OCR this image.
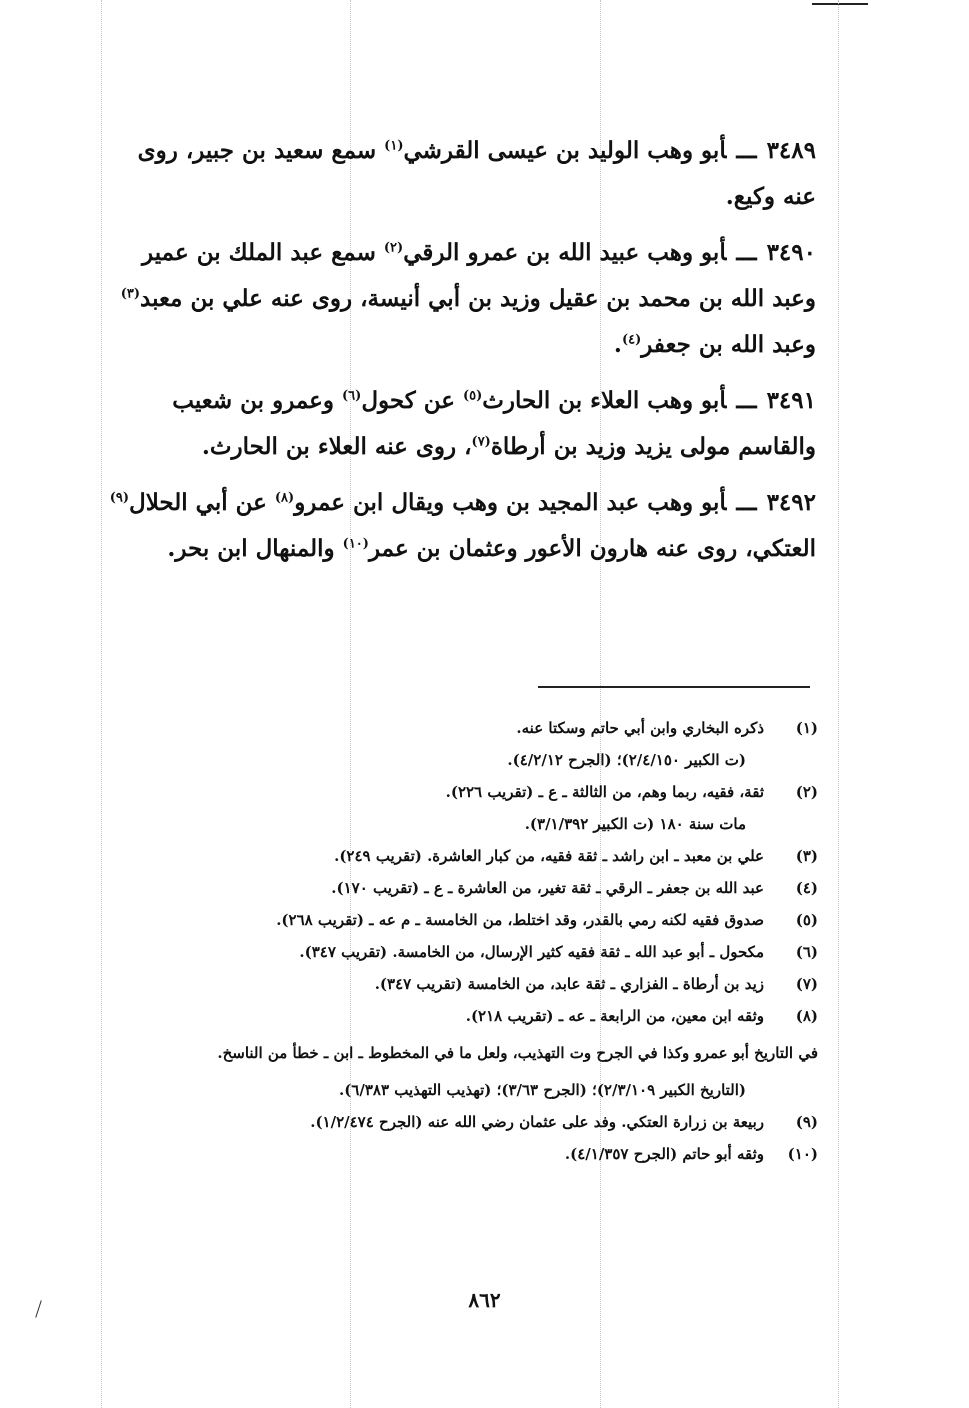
٣٤٨٩ـــأبو وهب الوليد بن عيسى القرشي$^{(١)}$ سمع سعيد بن جبير، روى عنه وكيع.

٣٤٩٠ـــأبو وهب عبيد الله بن عمرو الرقي$^{(٢)}$ سمع عبد الملك بن عمير وعبد الله بن محمد بن عقيل وزيد بن أبي أنيسة، روى عنه علي بن معبد$^{(٣)}$ وعبد الله بن جعفر$^{(٤)}$.

٣٤٩١ـــأبو وهب العلاء بن الحارث$^{(٥)}$ عن كحول$^{(٦)}$ وعمرو بن شعيب والقاسم مولى يزيد وزيد بن أرطاة$^{(٧)}$، روى عنه العلاء بن الحارث.

٣٤٩٢ـــأبو وهب عبد المجيد بن وهب ويقال ابن عمرو$^{(٨)}$ عن أبي الحلال$^{(٩)}$ العتكي، روى عنه هارون الأعور وعثمان بن عمر$^{(١٠)}$ والمنهال ابن بحر.

(١)
ذكره البخاري وابن أبي حاتم وسكتا عنه.
(ت الكبير ٢/٤/١٥٠)؛ (الجرح ٤/٢/١٢).
(٢)
ثقة، فقيه، ربما وهم، من الثالثة ـ ع ـ (تقريب ٢٢٦).
مات سنة ١٨٠ (ت الكبير ٣/١/٣٩٢).
(٣)
علي بن معبد ـ ابن راشد ـ ثقة فقيه، من كبار العاشرة. (تقريب ٢٤٩).
(٤)
عبد الله بن جعفر ـ الرقي ـ ثقة تغير، من العاشرة ـ ع ـ (تقريب ١٧٠).
(٥)
صدوق فقيه لكنه رمي بالقدر، وقد اختلط، من الخامسة ـ م عه ـ (تقريب ٢٦٨).
(٦)
مكحول ـ أبو عبد الله ـ ثقة فقيه كثير الإرسال، من الخامسة. (تقريب ٣٤٧).
(٧)
زيد بن أرطاة ـ الفزاري ـ ثقة عابد، من الخامسة (تقريب ٣٤٧).
(٨)
وثقه ابن معين، من الرابعة ـ عه ـ (تقريب ٢١٨).
في التاريخ أبو عمرو وكذا في الجرح وت التهذيب، ولعل ما في المخطوط ـ ابن ـ خطأ من الناسخ.
(التاريخ الكبير ٢/٣/١٠٩)؛ (الجرح ٣/٦٣)؛ (تهذيب التهذيب ٦/٣٨٣).
(٩)
ربيعة بن زرارة العتكي. وفد على عثمان رضي الله عنه (الجرح ١/٢/٤٧٤).
(١٠)
وثقه أبو حاتم (الجرح ٤/١/٣٥٧).
٨٦٢
